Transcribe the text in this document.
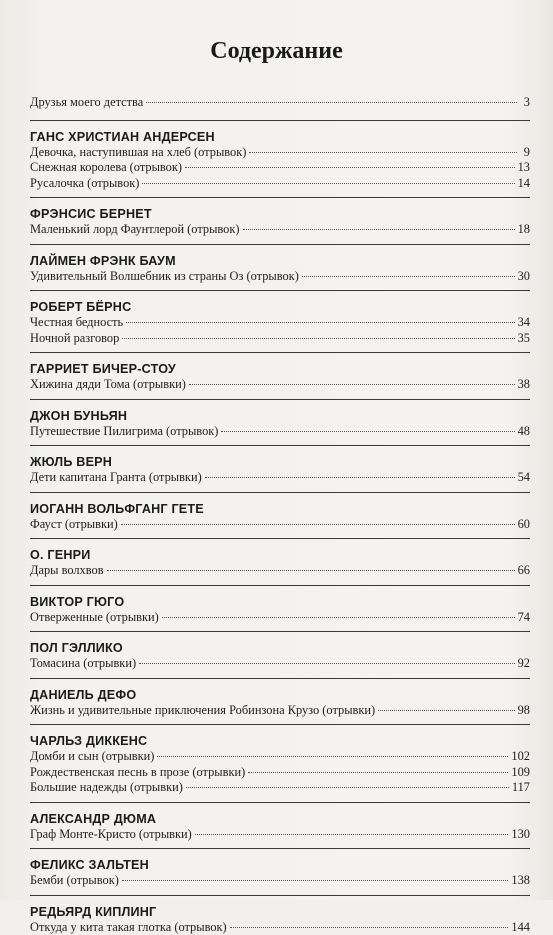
Содержание
Друзья моего детства	3
ГАНС ХРИСТИАН АНДЕРСЕН
Девочка, наступившая на хлеб (отрывок)	9
Снежная королева (отрывок)	13
Русалочка (отрывок)	14
ФРЭНСИС БЕРНЕТ
Маленький лорд Фаунтлерой (отрывок)	18
ЛАЙМЕН ФРЭНК БАУМ
Удивительный Волшебник из страны Оз (отрывок)	30
РОБЕРТ БЁРНС
Честная бедность	34
Ночной разговор	35
ГАРРИЕТ БИЧЕР-СТОУ
Хижина дяди Тома (отрывки)	38
ДЖОН БУНЬЯН
Путешествие Пилигрима (отрывок)	48
ЖЮЛЬ ВЕРН
Дети капитана Гранта (отрывки)	54
ИОГАНН ВОЛЬФГАНГ ГЕТЕ
Фауст (отрывки)	60
О. ГЕНРИ
Дары волхвов	66
ВИКТОР ГЮГО
Отверженные (отрывки)	74
ПОЛ ГЭЛЛИКО
Томасина (отрывки)	92
ДАНИЕЛЬ ДЕФО
Жизнь и удивительные приключения Робинзона Крузо (отрывки)	98
ЧАРЛЬЗ ДИККЕНС
Домби и сын (отрывки)	102
Рождественская песнь в прозе (отрывки)	109
Большие надежды (отрывки)	117
АЛЕКСАНДР ДЮМА
Граф Монте-Кристо (отрывки)	130
ФЕЛИКС ЗАЛЬТЕН
Бемби (отрывок)	138
РЕДЬЯРД КИПЛИНГ
Откуда у кита такая глотка (отрывок)	144
